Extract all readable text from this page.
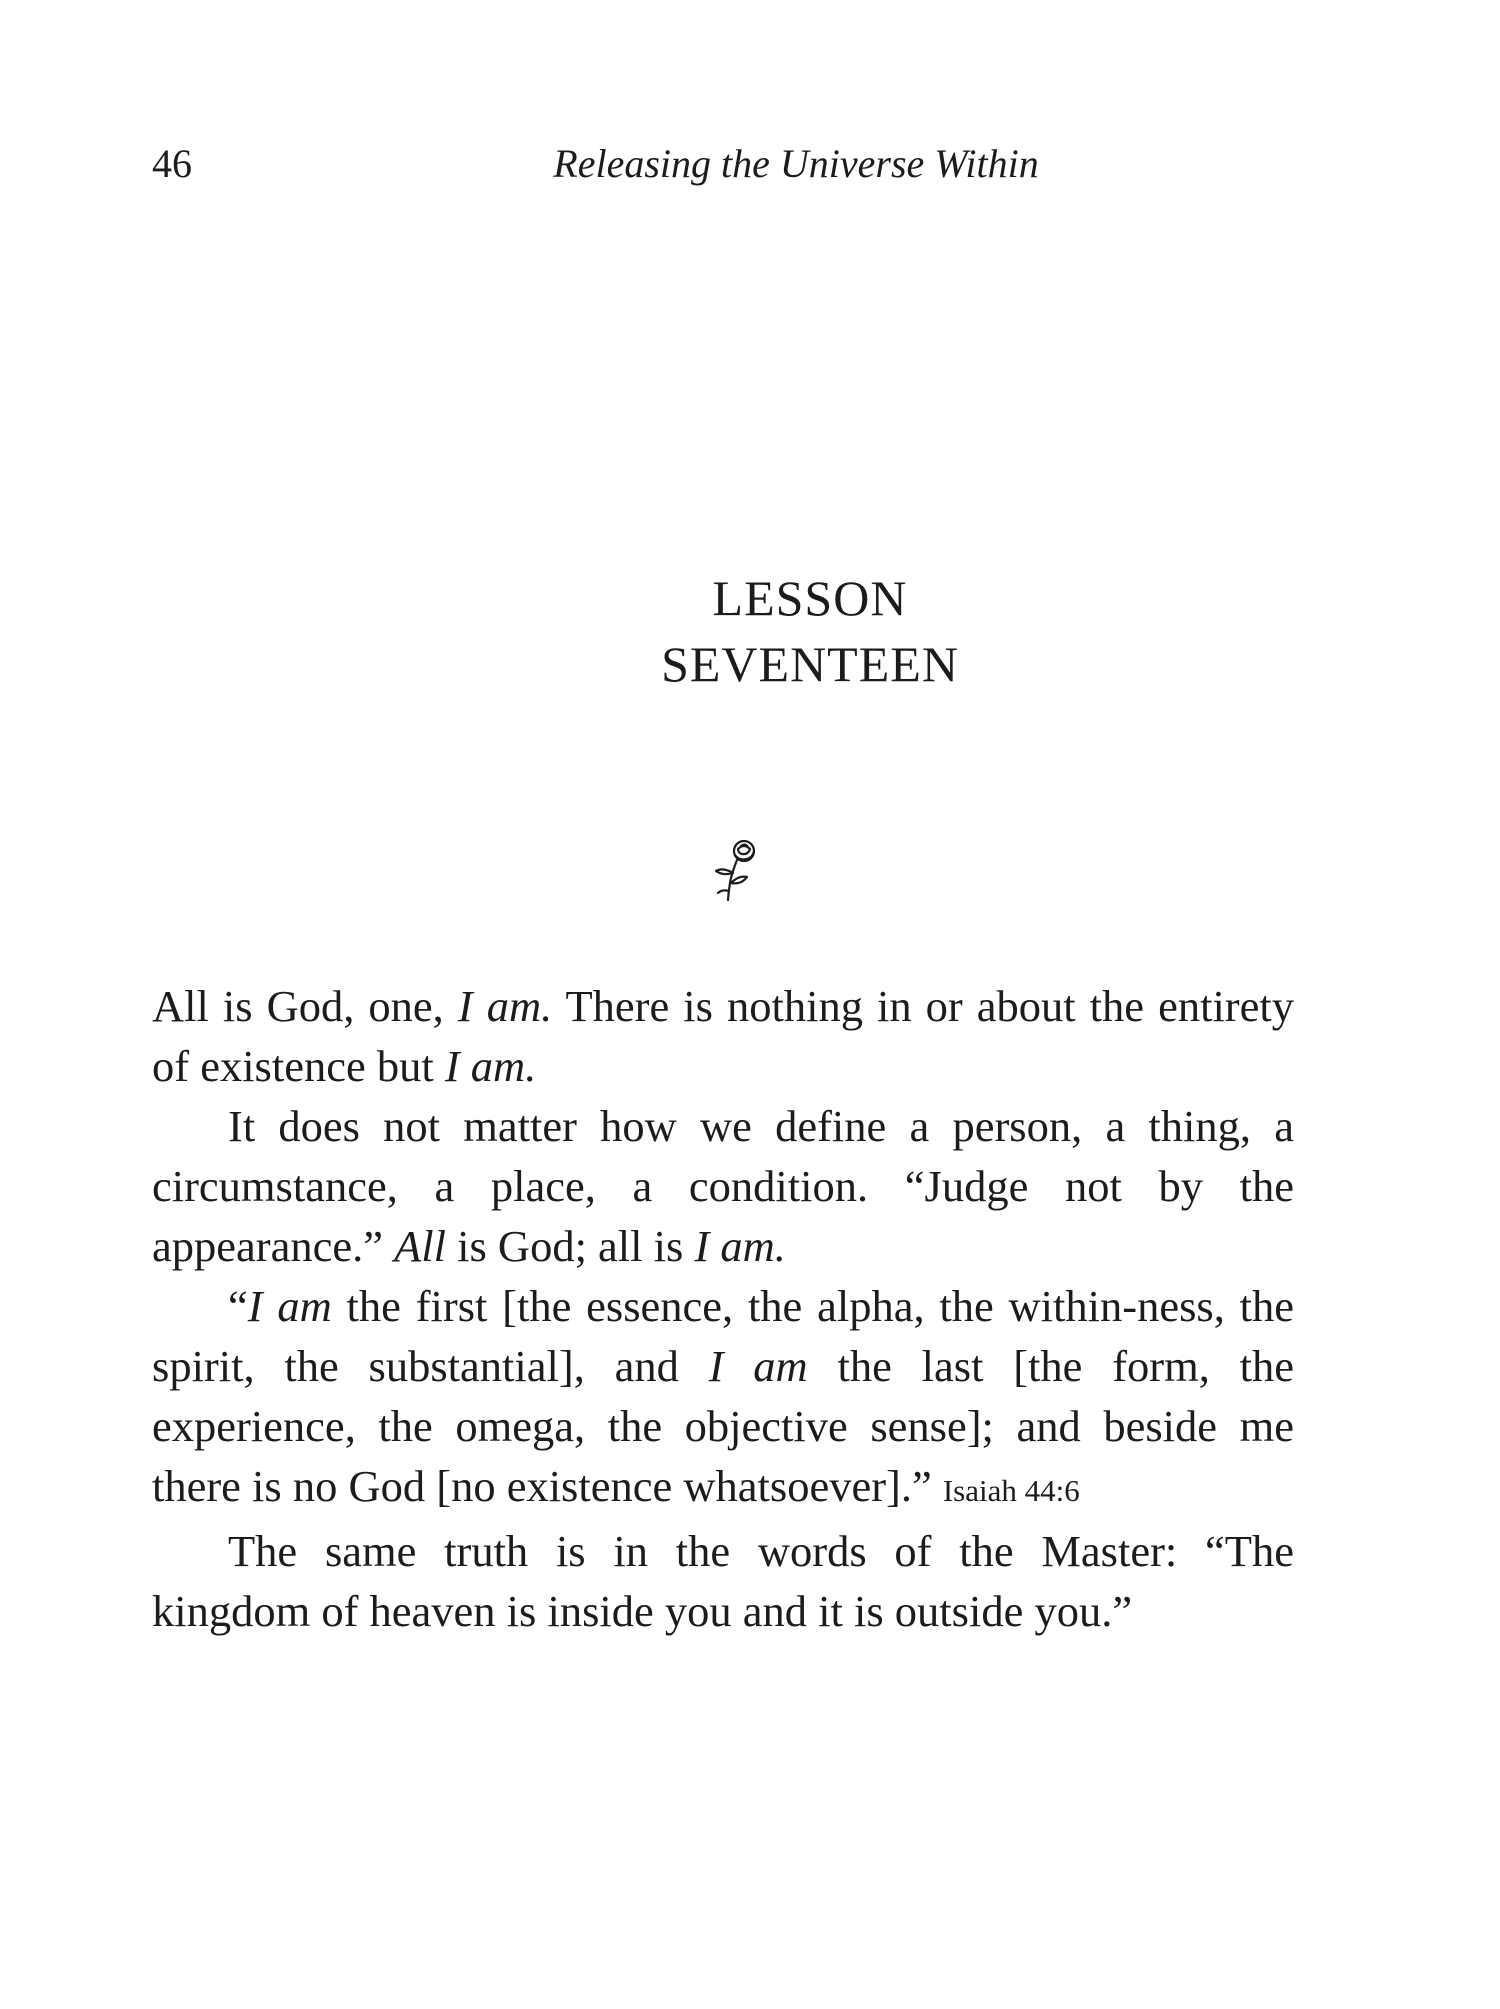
46	Releasing the Universe Within
LESSON
SEVENTEEN

All is God, one, I am. There is nothing in or about the entirety of existence but I am.

It does not matter how we define a person, a thing, a circumstance, a place, a condition. “Judge not by the appearance.” All is God; all is I am.

“I am the first [the essence, the alpha, the within-ness, the spirit, the substantial], and I am the last [the form, the experience, the omega, the objective sense]; and beside me there is no God [no existence whatsoever].” Isaiah 44:6

The same truth is in the words of the Master: “The kingdom of heaven is inside you and it is outside you.”
